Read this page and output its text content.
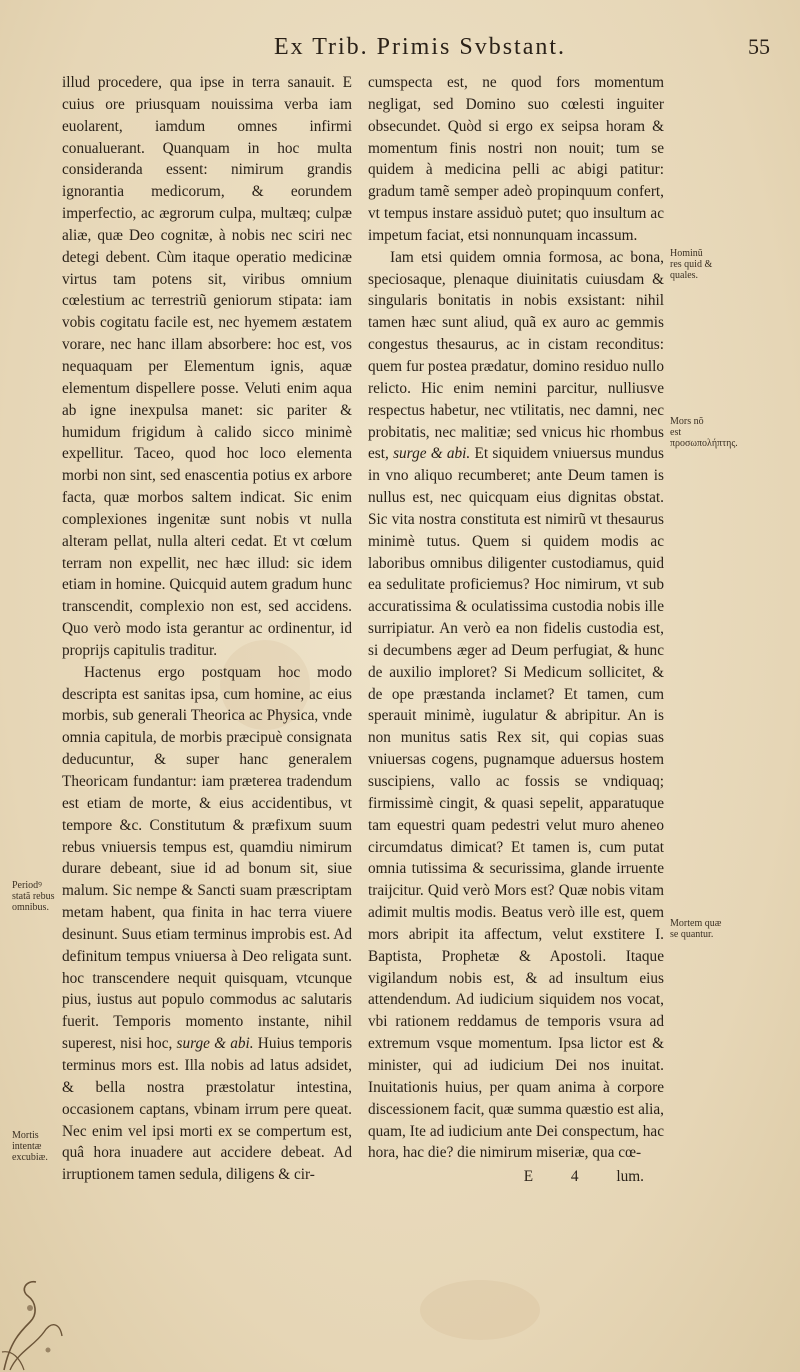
Ex Trib. Primis Svbstant.	55

illud procedere, qua ipse in terra sanauit. E cuius ore priusquam nouissima verba iam euolarent, iamdum omnes infirmi conualuerant. Quanquam in hoc multa consideranda essent: nimirum grandis ignorantia medicorum, & eorundem imperfectio, ac ægrorum culpa, multæq; culpæ aliæ, quæ Deo cognitæ, à nobis nec sciri nec detegi debent. Cùm itaque operatio medicinæ virtus tam potens sit, viribus omnium cœlestium ac terrestriũ geniorum stipata: iam vobis cogitatu facile est, nec hyemem æstatem vorare, nec hanc illam absorbere: hoc est, vos nequaquam per Elementum ignis, aquæ elementum dispellere posse. Veluti enim aqua ab igne inexpulsa manet: sic pariter & humidum frigidum à calido sicco minimè expellitur. Taceo, quod hoc loco elementa morbi non sint, sed enascentia potius ex arbore facta, quæ morbos saltem indicat. Sic enim complexiones ingenitæ sunt nobis vt nulla alteram pellat, nulla alteri cedat. Et vt cœlum terram non expellit, nec hæc illud: sic idem etiam in homine. Quicquid autem gradum hunc transcendit, complexio non est, sed accidens. Quo verò modo ista gerantur ac ordinentur, id proprijs capitulis traditur.

Hactenus ergo postquam hoc modo descripta est sanitas ipsa, cum homine, ac eius morbis, sub generali Theorica ac Physica, vnde omnia capitula, de morbis præcipuè consignata deducuntur, & super hanc generalem Theoricam fundantur: iam præterea tradendum est etiam de morte, & eius accidentibus, vt tempore &c. Constitutum & præfixum suum rebus vniuersis tempus est, quamdiu nimirum durare debeant, siue id ad bonum sit, siue malum. Sic nempe & Sancti suam præscriptam metam habent, qua finita in hac terra viuere desinunt. Suus etiam terminus improbis est. Ad definitum tempus vniuersa à Deo religata sunt. hoc transcendere nequit quisquam, vtcunque pius, iustus aut populo commodus ac salutaris fuerit. Temporis momento instante, nihil superest, nisi hoc, surge & abi. Huius temporis terminus mors est. Illa nobis ad latus adsidet, & bella nostra præstolatur intestina, occasionem captans, vbinam irrum pere queat. Nec enim vel ipsi morti ex se compertum est, quâ hora inuadere aut accidere debeat. Ad irruptionem tamen sedula, diligens & cir-

cumspecta est, ne quod fors momentum negligat, sed Domino suo cœlesti inguiter obsecundet. Quòd si ergo ex seipsa horam & momentum finis nostri non nouit; tum se quidem à medicina pelli ac abigi patitur: gradum tamẽ semper adeò propinquum confert, vt tempus instare assiduò putet; quo insultum ac impetum faciat, etsi nonnunquam incassum.

Iam etsi quidem omnia formosa, ac bona, speciosaque, plenaque diuinitatis cuiusdam & singularis bonitatis in nobis exsistant: nihil tamen hæc sunt aliud, quã ex auro ac gemmis congestus thesaurus, ac in cistam reconditus: quem fur postea prædatur, domino residuo nullo relicto. Hic enim nemini parcitur, nulliusve respectus habetur, nec vtilitatis, nec damni, nec probitatis, nec malitiæ; sed vnicus hic rhombus est, surge & abi. Et siquidem vniuersus mundus in vno aliquo recumberet; ante Deum tamen is nullus est, nec quicquam eius dignitas obstat. Sic vita nostra constituta est nimirũ vt thesaurus minimè tutus. Quem si quidem modis ac laboribus omnibus diligenter custodiamus, quid ea sedulitate proficiemus? Hoc nimirum, vt sub accuratissima & oculatissima custodia nobis ille surripiatur. An verò ea non fidelis custodia est, si decumbens æger ad Deum perfugiat, & hunc de auxilio imploret? Si Medicum sollicitet, & de ope præstanda inclamet? Et tamen, cum sperauit minimè, iugulatur & abripitur. An is non munitus satis Rex sit, qui copias suas vniuersas cogens, pugnamque aduersus hostem suscipiens, vallo ac fossis se vndiquaq; firmissimè cingit, & quasi sepelit, apparatuque tam equestri quam pedestri velut muro aheneo circumdatus dimicat? Et tamen is, cum putat omnia tutissima & securissima, glande irruente traijcitur. Quid verò Mors est? Quæ nobis vitam adimit multis modis. Beatus verò ille est, quem mors abripit ita affectum, velut exstitere I. Baptista, Prophetæ & Apostoli. Itaque vigilandum nobis est, & ad insultum eius attendendum. Ad iudicium siquidem nos vocat, vbi rationem reddamus de temporis vsura ad extremum vsque momentum. Ipsa lictor est & minister, qui ad iudicium Dei nos inuitat. Inuitationis huius, per quam anima à corpore discessionem facit, quæ summa quæstio est alia, quam, Ite ad iudicium ante Dei conspectum, hac hora, hac die? die nimirum miseriæ, qua cœ-

E 4 lum.

Periodꝰ statã rebus omnibus.
Mortis intentæ excubiæ.
Hominũ res quid & quales.
Mors nõ est προσωπολήπτης.
Mortem quæ se quantur.
